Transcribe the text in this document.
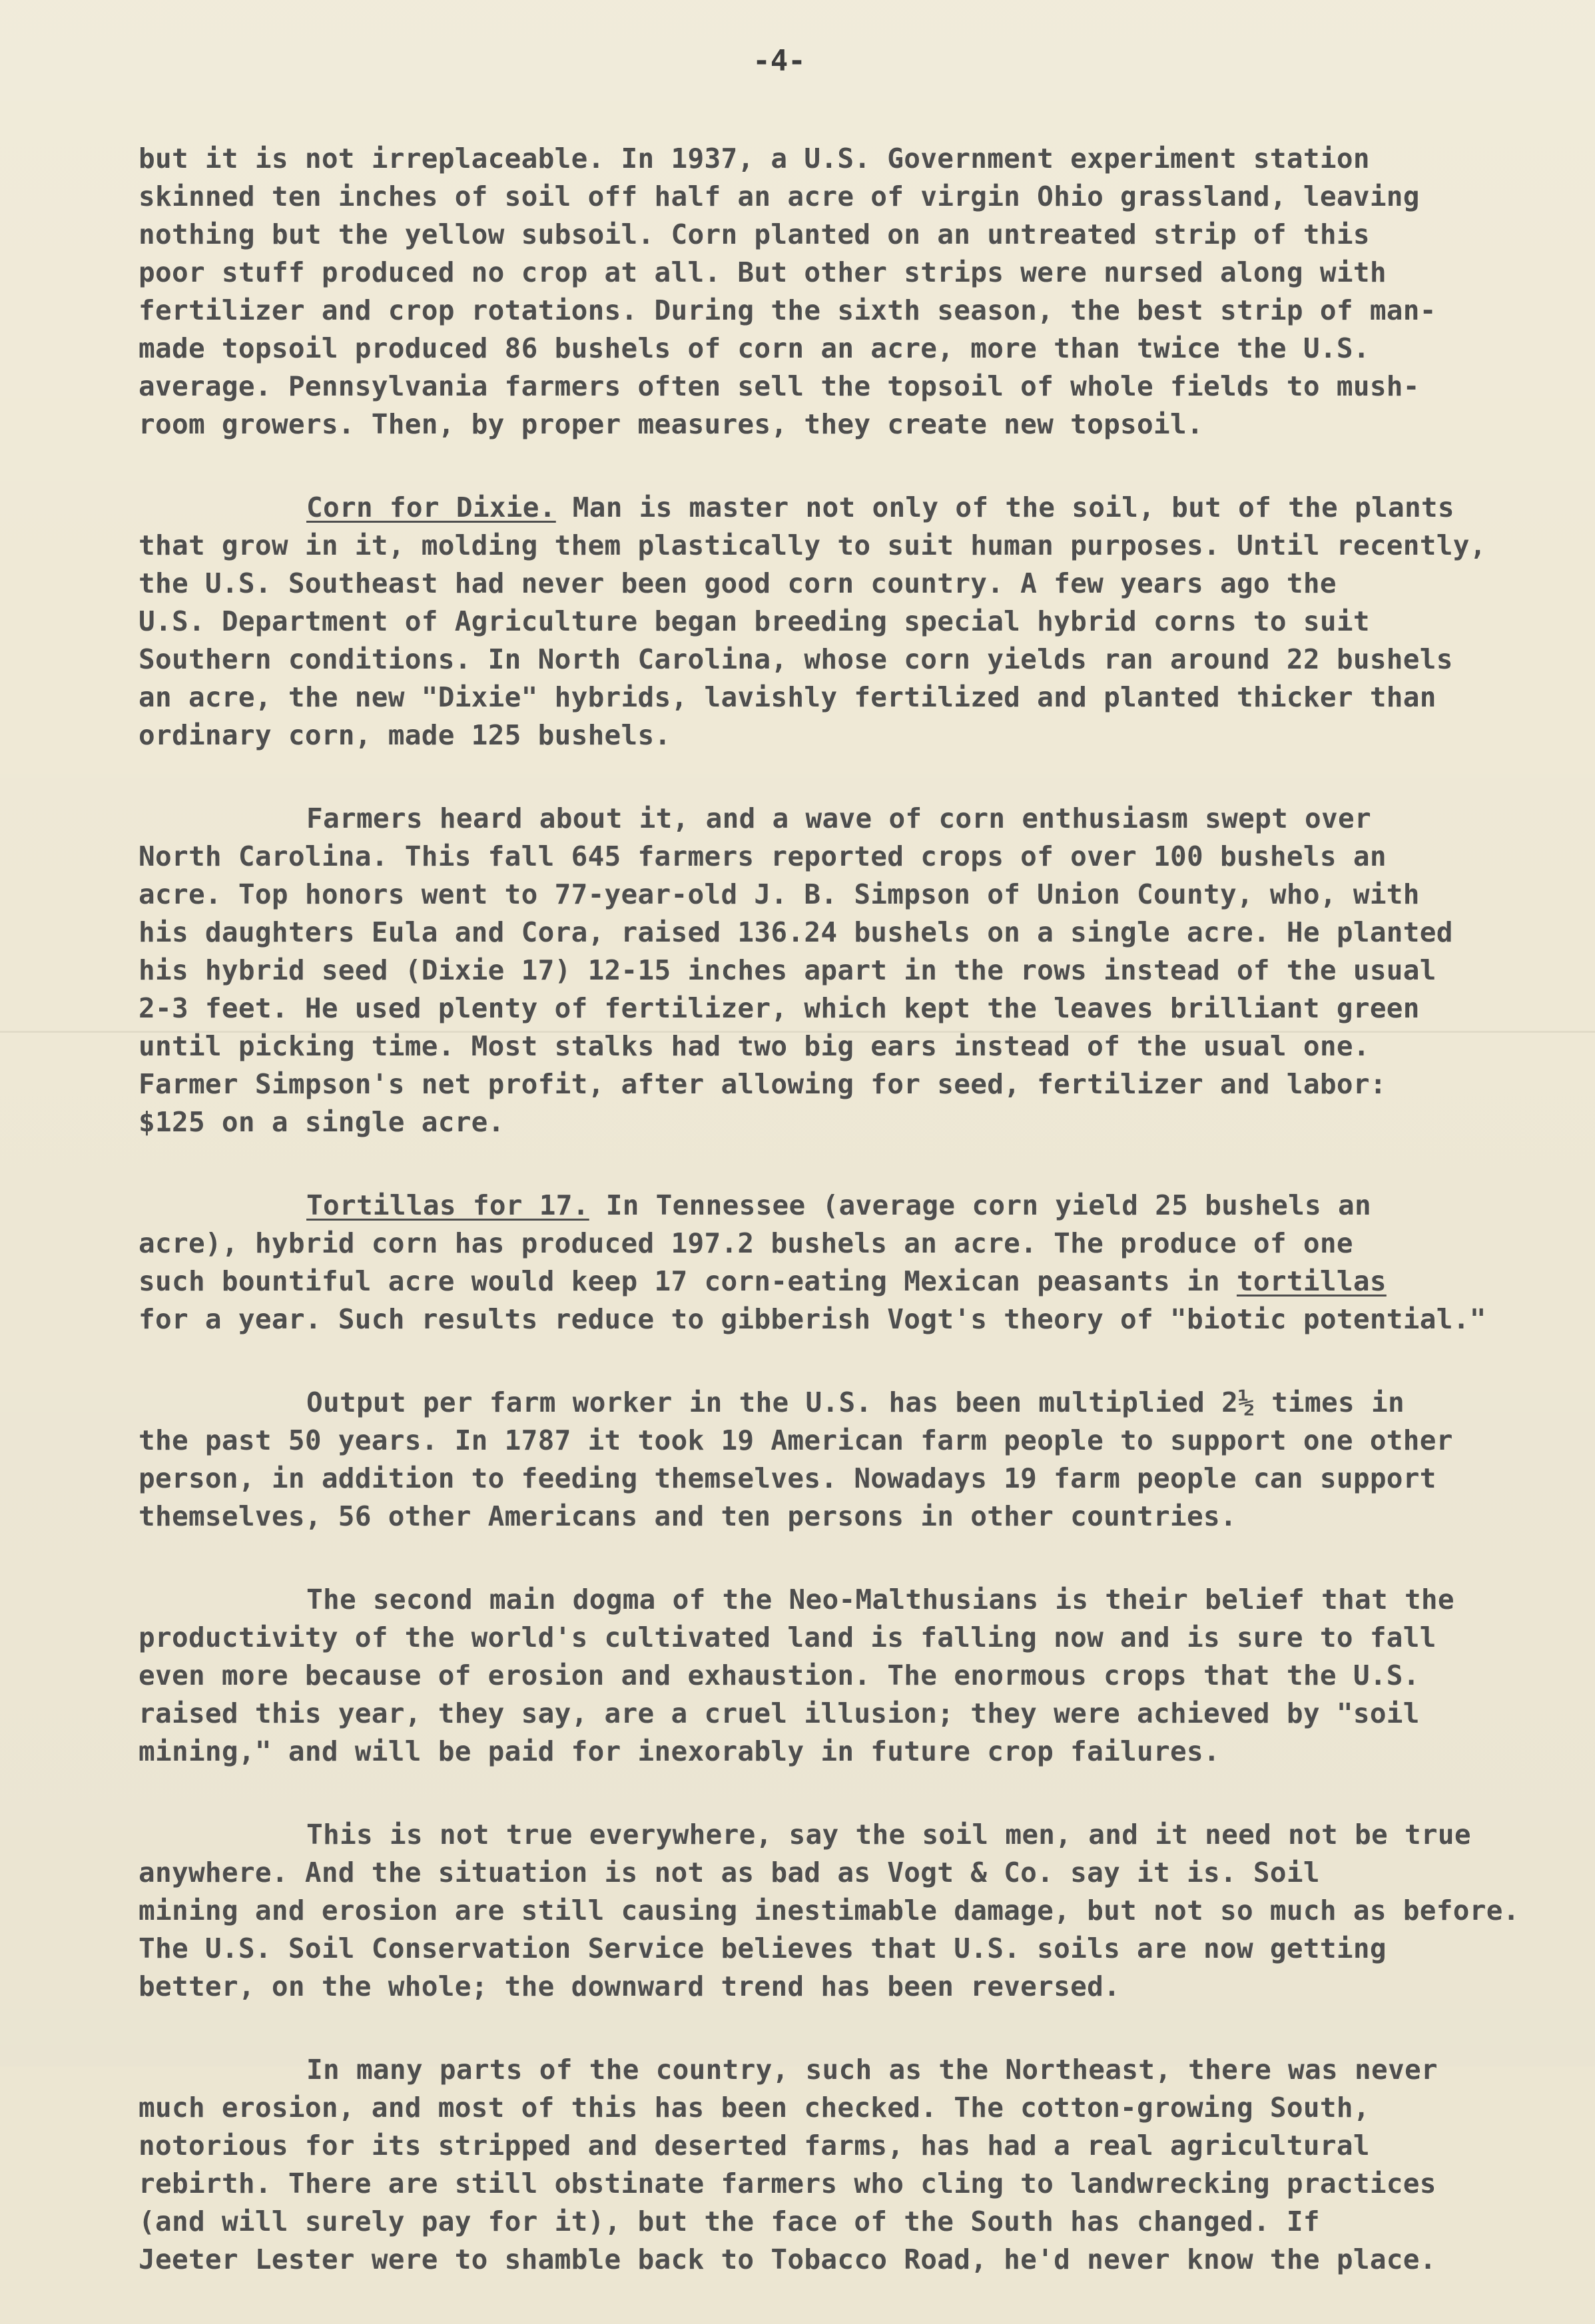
-4-
but it is not irreplaceable. In 1937, a U.S. Government experiment station
skinned ten inches of soil off half an acre of virgin Ohio grassland, leaving
nothing but the yellow subsoil. Corn planted on an untreated strip of this
poor stuff produced no crop at all. But other strips were nursed along with
fertilizer and crop rotations. During the sixth season, the best strip of man-
made topsoil produced 86 bushels of corn an acre, more than twice the U.S.
average. Pennsylvania farmers often sell the topsoil of whole fields to mush-
room growers. Then, by proper measures, they create new topsoil.
Corn for Dixie. Man is master not only of the soil, but of the plants
that grow in it, molding them plastically to suit human purposes. Until recently,
the U.S. Southeast had never been good corn country. A few years ago the
U.S. Department of Agriculture began breeding special hybrid corns to suit
Southern conditions. In North Carolina, whose corn yields ran around 22 bushels
an acre, the new "Dixie" hybrids, lavishly fertilized and planted thicker than
ordinary corn, made 125 bushels.
Farmers heard about it, and a wave of corn enthusiasm swept over
North Carolina. This fall 645 farmers reported crops of over 100 bushels an
acre. Top honors went to 77-year-old J. B. Simpson of Union County, who, with
his daughters Eula and Cora, raised 136.24 bushels on a single acre. He planted
his hybrid seed (Dixie 17) 12-15 inches apart in the rows instead of the usual
2-3 feet. He used plenty of fertilizer, which kept the leaves brilliant green
until picking time. Most stalks had two big ears instead of the usual one.
Farmer Simpson's net profit, after allowing for seed, fertilizer and labor:
$125 on a single acre.
Tortillas for 17. In Tennessee (average corn yield 25 bushels an
acre), hybrid corn has produced 197.2 bushels an acre. The produce of one
such bountiful acre would keep 17 corn-eating Mexican peasants in tortillas
for a year. Such results reduce to gibberish Vogt's theory of "biotic potential."
Output per farm worker in the U.S. has been multiplied 2½ times in
the past 50 years. In 1787 it took 19 American farm people to support one other
person, in addition to feeding themselves. Nowadays 19 farm people can support
themselves, 56 other Americans and ten persons in other countries.
The second main dogma of the Neo-Malthusians is their belief that the
productivity of the world's cultivated land is falling now and is sure to fall
even more because of erosion and exhaustion. The enormous crops that the U.S.
raised this year, they say, are a cruel illusion; they were achieved by "soil
mining," and will be paid for inexorably in future crop failures.
This is not true everywhere, say the soil men, and it need not be true
anywhere. And the situation is not as bad as Vogt & Co. say it is. Soil
mining and erosion are still causing inestimable damage, but not so much as before.
The U.S. Soil Conservation Service believes that U.S. soils are now getting
better, on the whole; the downward trend has been reversed.
In many parts of the country, such as the Northeast, there was never
much erosion, and most of this has been checked. The cotton-growing South,
notorious for its stripped and deserted farms, has had a real agricultural
rebirth. There are still obstinate farmers who cling to landwrecking practices
(and will surely pay for it), but the face of the South has changed. If
Jeeter Lester were to shamble back to Tobacco Road, he'd never know the place.
